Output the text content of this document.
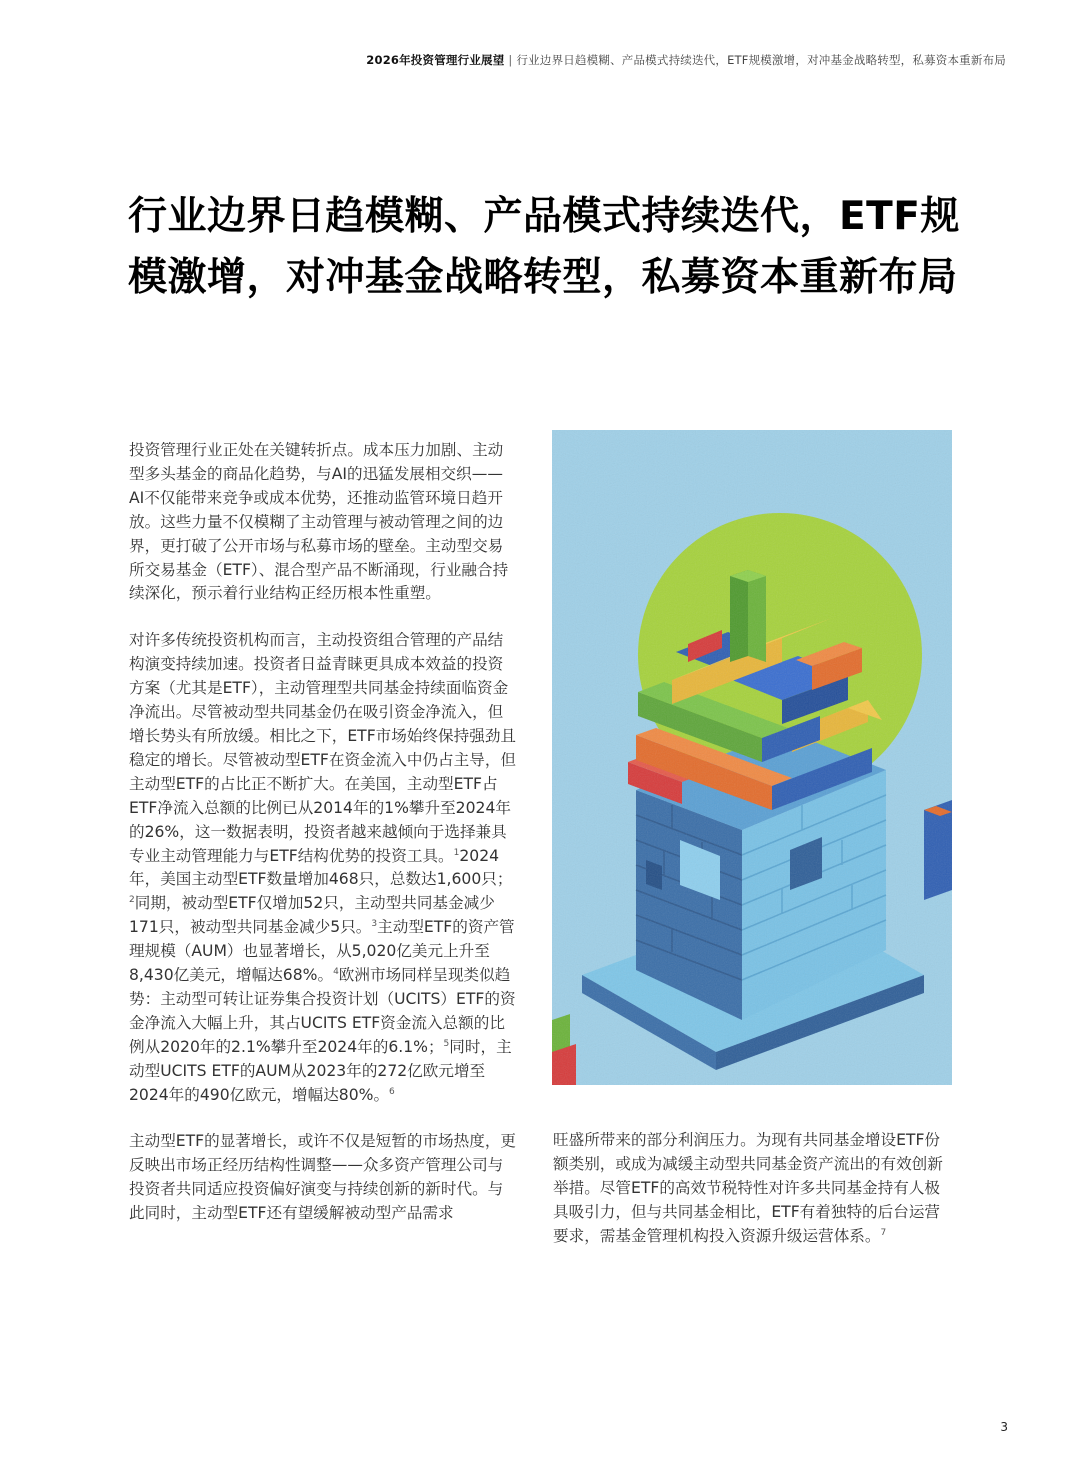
2026年投资管理行业展望 | 行业边界日趋模糊、产品模式持续迭代，ETF规模激增，对冲基金战略转型，私募资本重新布局
行业边界日趋模糊、产品模式持续迭代，ETF规模激增，对冲基金战略转型，私募资本重新布局

投资管理行业正处在关键转折点。成本压力加剧、主动型多头基金的商品化趋势，与AI的迅猛发展相交织——AI不仅能带来竞争或成本优势，还推动监管环境日趋开放。这些力量不仅模糊了主动管理与被动管理之间的边界，更打破了公开市场与私募市场的壁垒。主动型交易所交易基金（ETF）、混合型产品不断涌现，行业融合持续深化，预示着行业结构正经历根本性重塑。

对许多传统投资机构而言，主动投资组合管理的产品结构演变持续加速。投资者日益青睐更具成本效益的投资方案（尤其是ETF），主动管理型共同基金持续面临资金净流出。尽管被动型共同基金仍在吸引资金净流入，但增长势头有所放缓。相比之下，ETF市场始终保持强劲且稳定的增长。尽管被动型ETF在资金流入中仍占主导，但主动型ETF的占比正不断扩大。在美国，主动型ETF占ETF净流入总额的比例已从2014年的1%攀升至2024年的26%，这一数据表明，投资者越来越倾向于选择兼具专业主动管理能力与ETF结构优势的投资工具。$^1$2024年，美国主动型ETF数量增加468只，总数达1,600只；$^2$同期，被动型ETF仅增加52只，主动型共同基金减少171只，被动型共同基金减少5只。$^3$主动型ETF的资产管理规模（AUM）也显著增长，从5,020亿美元上升至8,430亿美元，增幅达68%。$^4$欧洲市场同样呈现类似趋势：主动型可转让证券集合投资计划（UCITS）ETF的资金净流入大幅上升，其占UCITS ETF资金流入总额的比例从2020年的2.1%攀升至2024年的6.1%；$^5$同时，主动型UCITS ETF的AUM从2023年的272亿欧元增至2024年的490亿欧元，增幅达80%。$^6$

主动型ETF的显著增长，或许不仅是短暂的市场热度，更反映出市场正经历结构性调整——众多资产管理公司与投资者共同适应投资偏好演变与持续创新的新时代。与此同时，主动型ETF还有望缓解被动型产品需求

旺盛所带来的部分利润压力。为现有共同基金增设ETF份额类别，或成为减缓主动型共同基金资产流出的有效创新举措。尽管ETF的高效节税特性对许多共同基金持有人极具吸引力，但与共同基金相比，ETF有着独特的后台运营要求，需基金管理机构投入资源升级运营体系。$^7$

3
